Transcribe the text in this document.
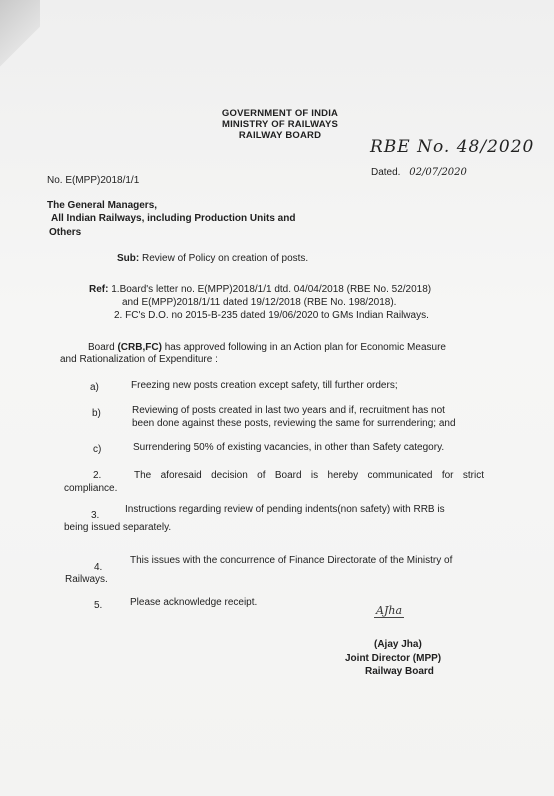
GOVERNMENT OF INDIA
MINISTRY OF RAILWAYS
RAILWAY BOARD
RBE No. 48/2020
No. E(MPP)2018/1/1
Dated. 02/07/2020
The General Managers,
All Indian Railways, including Production Units and
Others
Sub: Review of Policy on creation of posts.
Ref: 1.Board's letter no. E(MPP)2018/1/1 dtd. 04/04/2018 (RBE No. 52/2018)
and E(MPP)2018/1/11 dated 19/12/2018 (RBE No. 198/2018).
2. FC's D.O. no 2015-B-235 dated 19/06/2020 to GMs Indian Railways.
Board (CRB,FC) has approved following in an Action plan for Economic Measure
and Rationalization of Expenditure :
a)	Freezing new posts creation except safety, till further orders;
b)	Reviewing of posts created in last two years and if, recruitment has not
been done against these posts, reviewing the same for surrendering; and
c)	Surrendering 50% of existing vacancies, in other than Safety category.
2.	The aforesaid decision of Board is hereby communicated for strict
compliance.
3.
Instructions regarding review of pending indents(non safety) with RRB is
being issued separately.
4.
This issues with the concurrence of Finance Directorate of the Ministry of
Railways.
5.	Please acknowledge receipt.
AJha
(Ajay Jha)
Joint Director (MPP)
Railway Board
